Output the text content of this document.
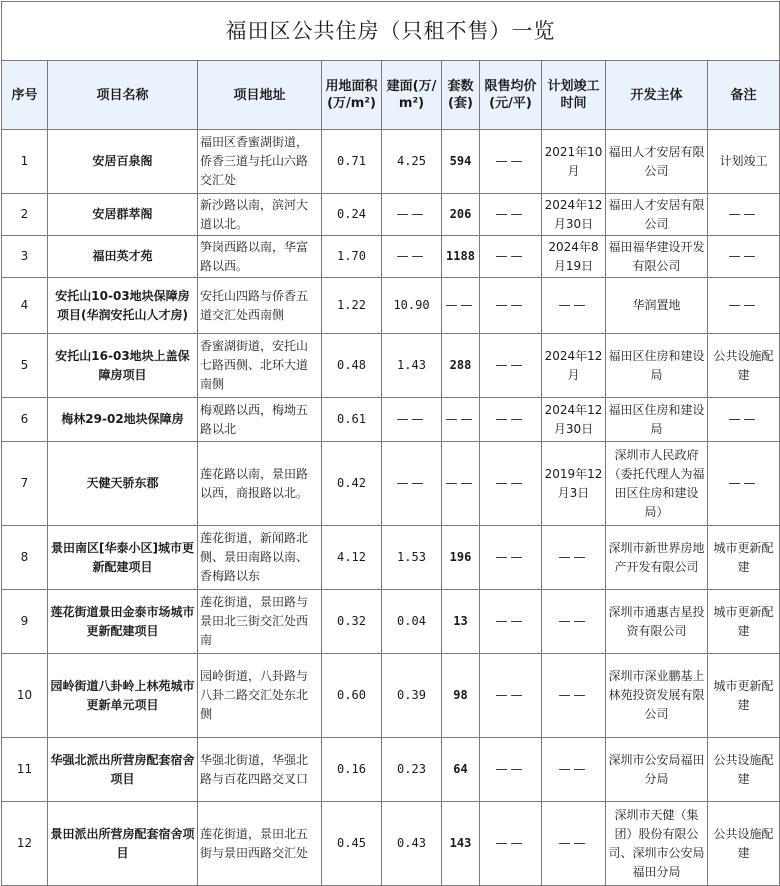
福田区公共住房（只租不售）一览									
序号	项目名称	项目地址	用地面积(万/m²)	建面(万/m²)	套数(套)	限售均价(元/平)	计划竣工时间	开发主体	备注
1	安居百泉阁	福田区香蜜湖街道，侨香三道与托山六路交汇处	0.71	4.25	594	——	2021年10月	福田人才安居有限公司	计划竣工
2	安居群萃阁	新沙路以南，滨河大道以北。	0.24	——	206	——	2024年12月30日	福田人才安居有限公司	——
3	福田英才苑	笋岗西路以南，华富路以西。	1.70	——	1188	——	2024年8月19日	福田福华建设开发有限公司	——
4	安托山10-03地块保障房项目(华润安托山人才房)	安托山四路与侨香五道交汇处西南侧	1.22	10.90	——	——	——	华润置地	——
5	安托山16-03地块上盖保障房项目	香蜜湖街道，安托山七路西侧、北环大道南侧	0.48	1.43	288	——	2024年12月	福田区住房和建设局	公共设施配建
6	梅林29-02地块保障房	梅观路以西，梅坳五路以北	0.61	——	——	——	2024年12月30日	福田区住房和建设局	——
7	天健天骄东郡	莲花路以南，景田路以西，商报路以北。	0.42	——	——	——	2019年12月3日	深圳市人民政府（委托代理人为福田区住房和建设局）	——
8	景田南区[华泰小区]城市更新配建项目	莲花街道，新闻路北侧、景田南路以南、香梅路以东	4.12	1.53	196	——	——	深圳市新世界房地产开发有限公司	城市更新配建
9	莲花街道景田金泰市场城市更新配建项目	莲花街道，景田路与景田北三街交汇处西南	0.32	0.04	13	——	——	深圳市通惠吉星投资有限公司	城市更新配建
10	园岭街道八卦岭上林苑城市更新单元项目	园岭街道，八卦路与八卦二路交汇处东北侧	0.60	0.39	98	——	——	深圳市深业鹏基上林苑投资发展有限公司	城市更新配建
11	华强北派出所营房配套宿舍项目	华强北街道，华强北路与百花四路交叉口	0.16	0.23	64	——	——	深圳市公安局福田分局	公共设施配建
12	景田派出所营房配套宿舍项目	莲花街道，景田北五街与景田西路交汇处	0.45	0.43	143	——	——	深圳市天健（集团）股份有限公司、深圳市公安局福田分局	公共设施配建
